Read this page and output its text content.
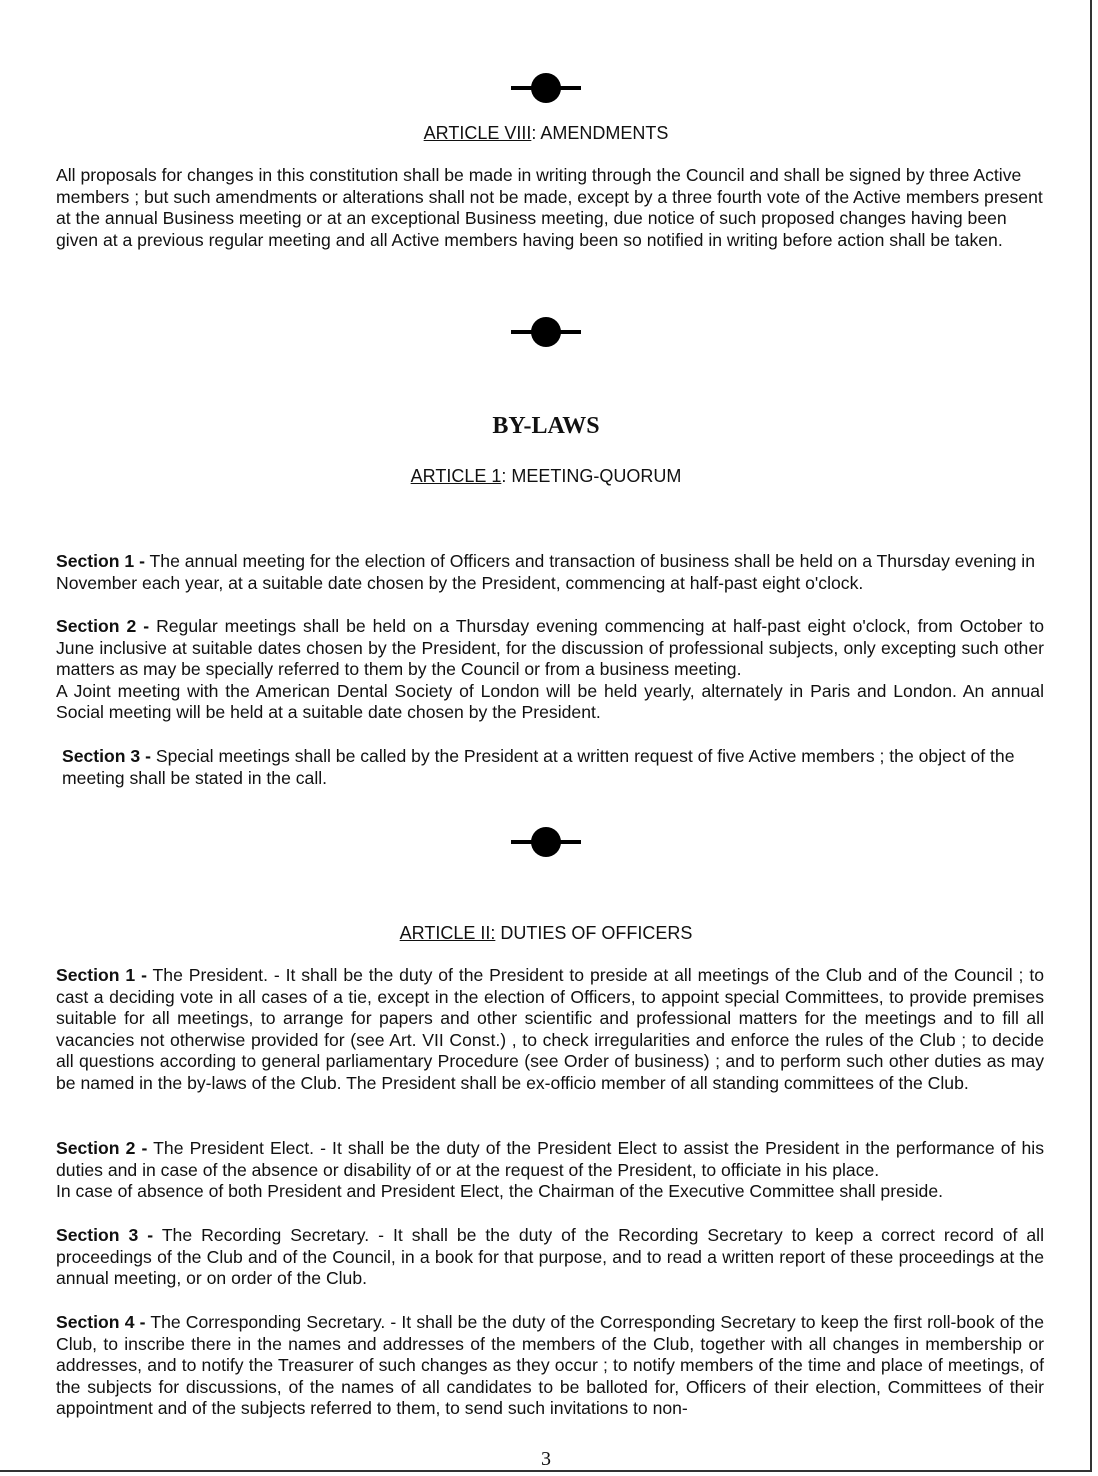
ARTICLE VIII: AMENDMENTS

All proposals for changes in this constitution shall be made in writing through the Council and shall be signed by three Active members ; but such amendments or alterations shall not be made, except by a three fourth vote of the Active members present at the annual Business meeting or at an exceptional Business meeting, due notice of such proposed changes having been given at a previous regular meeting and all Active members having been so notified in writing before action shall be taken.

BY-LAWS
ARTICLE 1: MEETING-QUORUM

Section 1 - The annual meeting for the election of Officers and transaction of business shall be held on a Thursday evening in November each year, at a suitable date chosen by the President, commencing at half-past eight o'clock.

Section 2 - Regular meetings shall be held on a Thursday evening commencing at half-past eight o'clock, from October to June inclusive at suitable dates chosen by the President, for the discussion of professional subjects, only excepting such other matters as may be specially referred to them by the Council or from a business meeting.

A Joint meeting with the American Dental Society of London will be held yearly, alternately in Paris and London. An annual Social meeting will be held at a suitable date chosen by the President.

Section 3 - Special meetings shall be called by the President at a written request of five Active members ; the object of the meeting shall be stated in the call.

ARTICLE II: DUTIES OF OFFICERS

Section 1 - The President. - It shall be the duty of the President to preside at all meetings of the Club and of the Council ; to cast a deciding vote in all cases of a tie, except in the election of Officers, to appoint special Committees, to provide premises suitable for all meetings, to arrange for papers and other scientific and professional matters for the meetings and to fill all vacancies not otherwise provided for (see Art. VII Const.) , to check irregularities and enforce the rules of the Club ; to decide all questions according to general parliamentary Procedure (see Order of business) ; and to perform such other duties as may be named in the by-laws of the Club. The President shall be ex-officio member of all standing committees of the Club.

Section 2 - The President Elect. - It shall be the duty of the President Elect to assist the President in the performance of his duties and in case of the absence or disability of or at the request of the President, to officiate in his place.

In case of absence of both President and President Elect, the Chairman of the Executive Committee shall preside.

Section 3 - The Recording Secretary. - It shall be the duty of the Recording Secretary to keep a correct record of all proceedings of the Club and of the Council, in a book for that purpose, and to read a written report of these proceedings at the annual meeting, or on order of the Club.

Section 4 - The Corresponding Secretary. - It shall be the duty of the Corresponding Secretary to keep the first roll-book of the Club, to inscribe there in the names and addresses of the members of the Club, together with all changes in membership or addresses, and to notify the Treasurer of such changes as they occur ; to notify members of the time and place of meetings, of the subjects for discussions, of the names of all candidates to be balloted for, Officers of their election, Committees of their appointment and of the subjects referred to them, to send such invitations to non-

3
